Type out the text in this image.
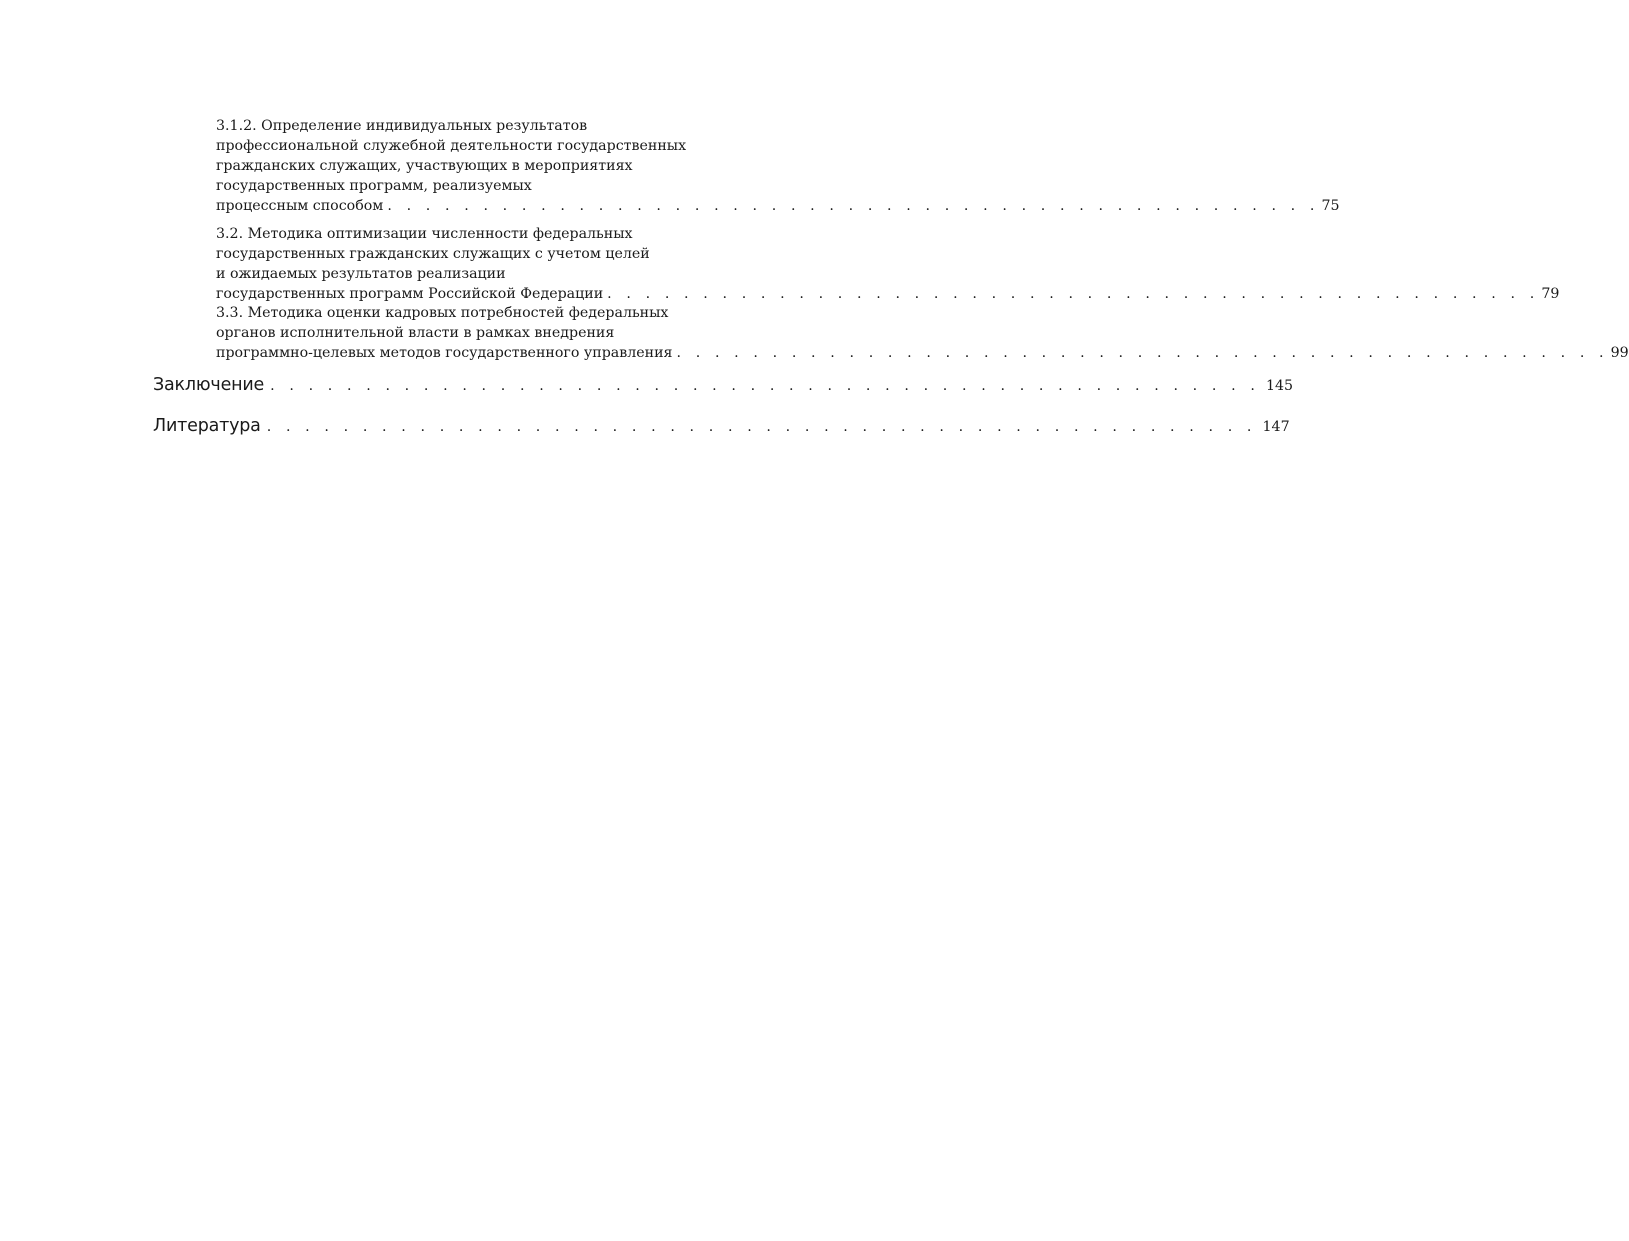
3.1.2. Определение индивидуальных результатов
профессиональной служебной деятельности государственных
гражданских служащих, участвующих в мероприятиях
государственных программ, реализуемых
процессным способом . . . . . . . . . . . . . . . . . . . . . . . . . . . . . . . . . . . . . . . . . . . . . . . . . 75
3.2. Методика оптимизации численности федеральных
государственных гражданских служащих с учетом целей
и ожидаемых результатов реализации
государственных программ Российской Федерации . . . . . . . . . . . . . . . . . . . . . . . . . . . . . . . . . . . . . . . . . . . . . . . . . 79
3.3. Методика оценки кадровых потребностей федеральных
органов исполнительной власти в рамках внедрения
программно-целевых методов государственного управления . . . . . . . . . . . . . . . . . . . . . . . . . . . . . . . . . . . . . . . . . . . . . . . . . 99
Заключение . . . . . . . . . . . . . . . . . . . . . . . . . . . . . . . . . . . . . . . . . . . . . . . . . . . . 145
Литература . . . . . . . . . . . . . . . . . . . . . . . . . . . . . . . . . . . . . . . . . . . . . . . . . . . . 147
